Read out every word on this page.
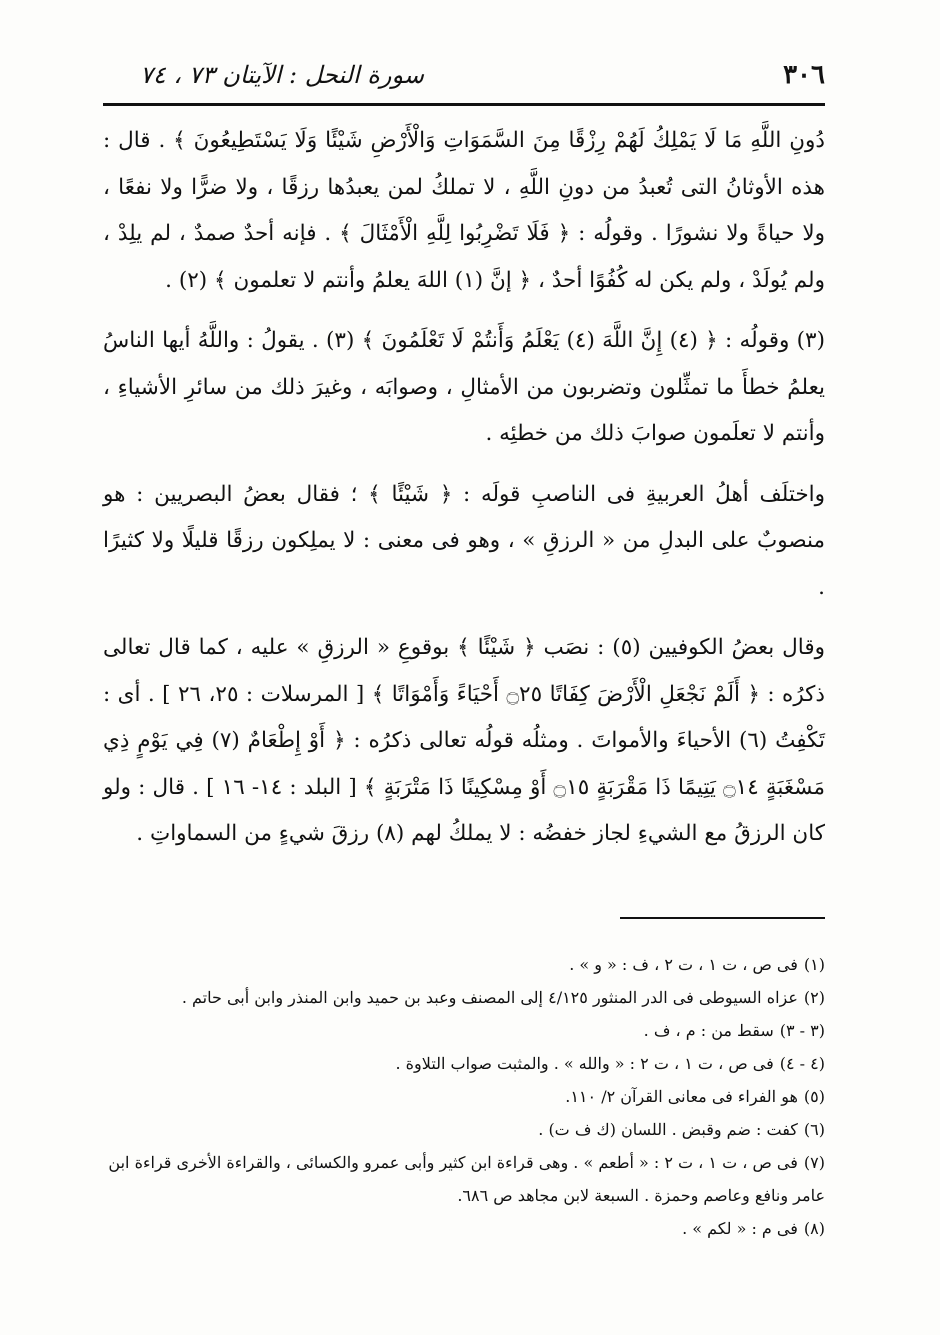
٣٠٦
سورة النحل : الآيتان ٧٣ ، ٧٤

دُونِ اللَّهِ مَا لَا يَمْلِكُ لَهُمْ رِزْقًا مِنَ السَّمَوَاتِ وَالْأَرْضِ شَيْئًا وَلَا يَسْتَطِيعُونَ ﴾ . قال : هذه الأوثانُ التى تُعبدُ من دونِ اللَّهِ ، لا تملكُ لمن يعبدُها رزقًا ، ولا ضرًّا ولا نفعًا ، ولا حياةً ولا نشورًا . وقولُه : ﴿ فَلَا تَضْرِبُوا لِلَّهِ الْأَمْثَالَ ﴾ . فإنه أحدٌ صمدٌ ، لم يلِدْ ، ولم يُولَدْ ، ولم يكن له كُفُوًا أحدٌ ، ﴿ إنَّ (١) اللهَ يعلمُ وأنتم لا تعلمون ﴾ (٢) .

(٣) وقولُه : ﴿ (٤) إِنَّ اللَّهَ (٤) يَعْلَمُ وَأَنتُمْ لَا تَعْلَمُونَ ﴾ (٣) . يقولُ : واللَّهُ أيها الناسُ يعلمُ خطأَ ما تمثِّلون وتضربون من الأمثالِ ، وصوابَه ، وغيرَ ذلك من سائرِ الأشياءِ ، وأنتم لا تعلَمون صوابَ ذلك من خطئِه .

واختلَف أهلُ العربيةِ فى الناصبِ قولَه : ﴿ شَيْئًا ﴾ ؛ فقال بعضُ البصريين : هو منصوبٌ على البدلِ من « الرزقِ » ، وهو فى معنى : لا يملِكون رزقًا قليلًا ولا كثيرًا .

وقال بعضُ الكوفيين (٥) : نصَب ﴿ شَيْئًا ﴾ بوقوعِ « الرزقِ » عليه ، كما قال تعالى ذكرُه : ﴿ أَلَمْ نَجْعَلِ الْأَرْضَ كِفَاتًا ۝٢٥ أَحْيَاءً وَأَمْوَاتًا ﴾ [ المرسلات : ٢٥، ٢٦ ] . أى : تَكْفِتُ (٦) الأحياءَ والأمواتَ . ومثلُه قولُه تعالى ذكرُه : ﴿ أَوْ إِطْعَامٌ (٧) فِي يَوْمٍ ذِي مَسْغَبَةٍ ۝١٤ يَتِيمًا ذَا مَقْرَبَةٍ ۝١٥ أَوْ مِسْكِينًا ذَا مَتْرَبَةٍ ﴾ [ البلد : ١٤- ١٦ ] . قال : ولو كان الرزقُ مع الشيءِ لجاز خفضُه : لا يملكُ لهم (٨) رزقَ شيءٍ من السماواتِ .

(١)فى ص ، ت ١ ، ت ٢ ، ف : « و » .

(٢)عزاه السيوطى فى الدر المنثور ٤/١٢٥ إلى المصنف وعبد بن حميد وابن المنذر وابن أبى حاتم .

(٣ - ٣)سقط من : م ، ف .

(٤ - ٤)فى ص ، ت ١ ، ت ٢ : « والله » . والمثبت صواب التلاوة .

(٥)هو الفراء فى معانى القرآن ٢/ ١١٠.

(٦)كفت : ضم وقبض . اللسان (ك ف ت) .

(٧)فى ص ، ت ١ ، ت ٢ : « أطعم » . وهى قراءة ابن كثير وأبى عمرو والكسائى ، والقراءة الأخرى قراءة ابن عامر ونافع وعاصم وحمزة . السبعة لابن مجاهد ص ٦٨٦.

(٨)فى م : « لكم » .
